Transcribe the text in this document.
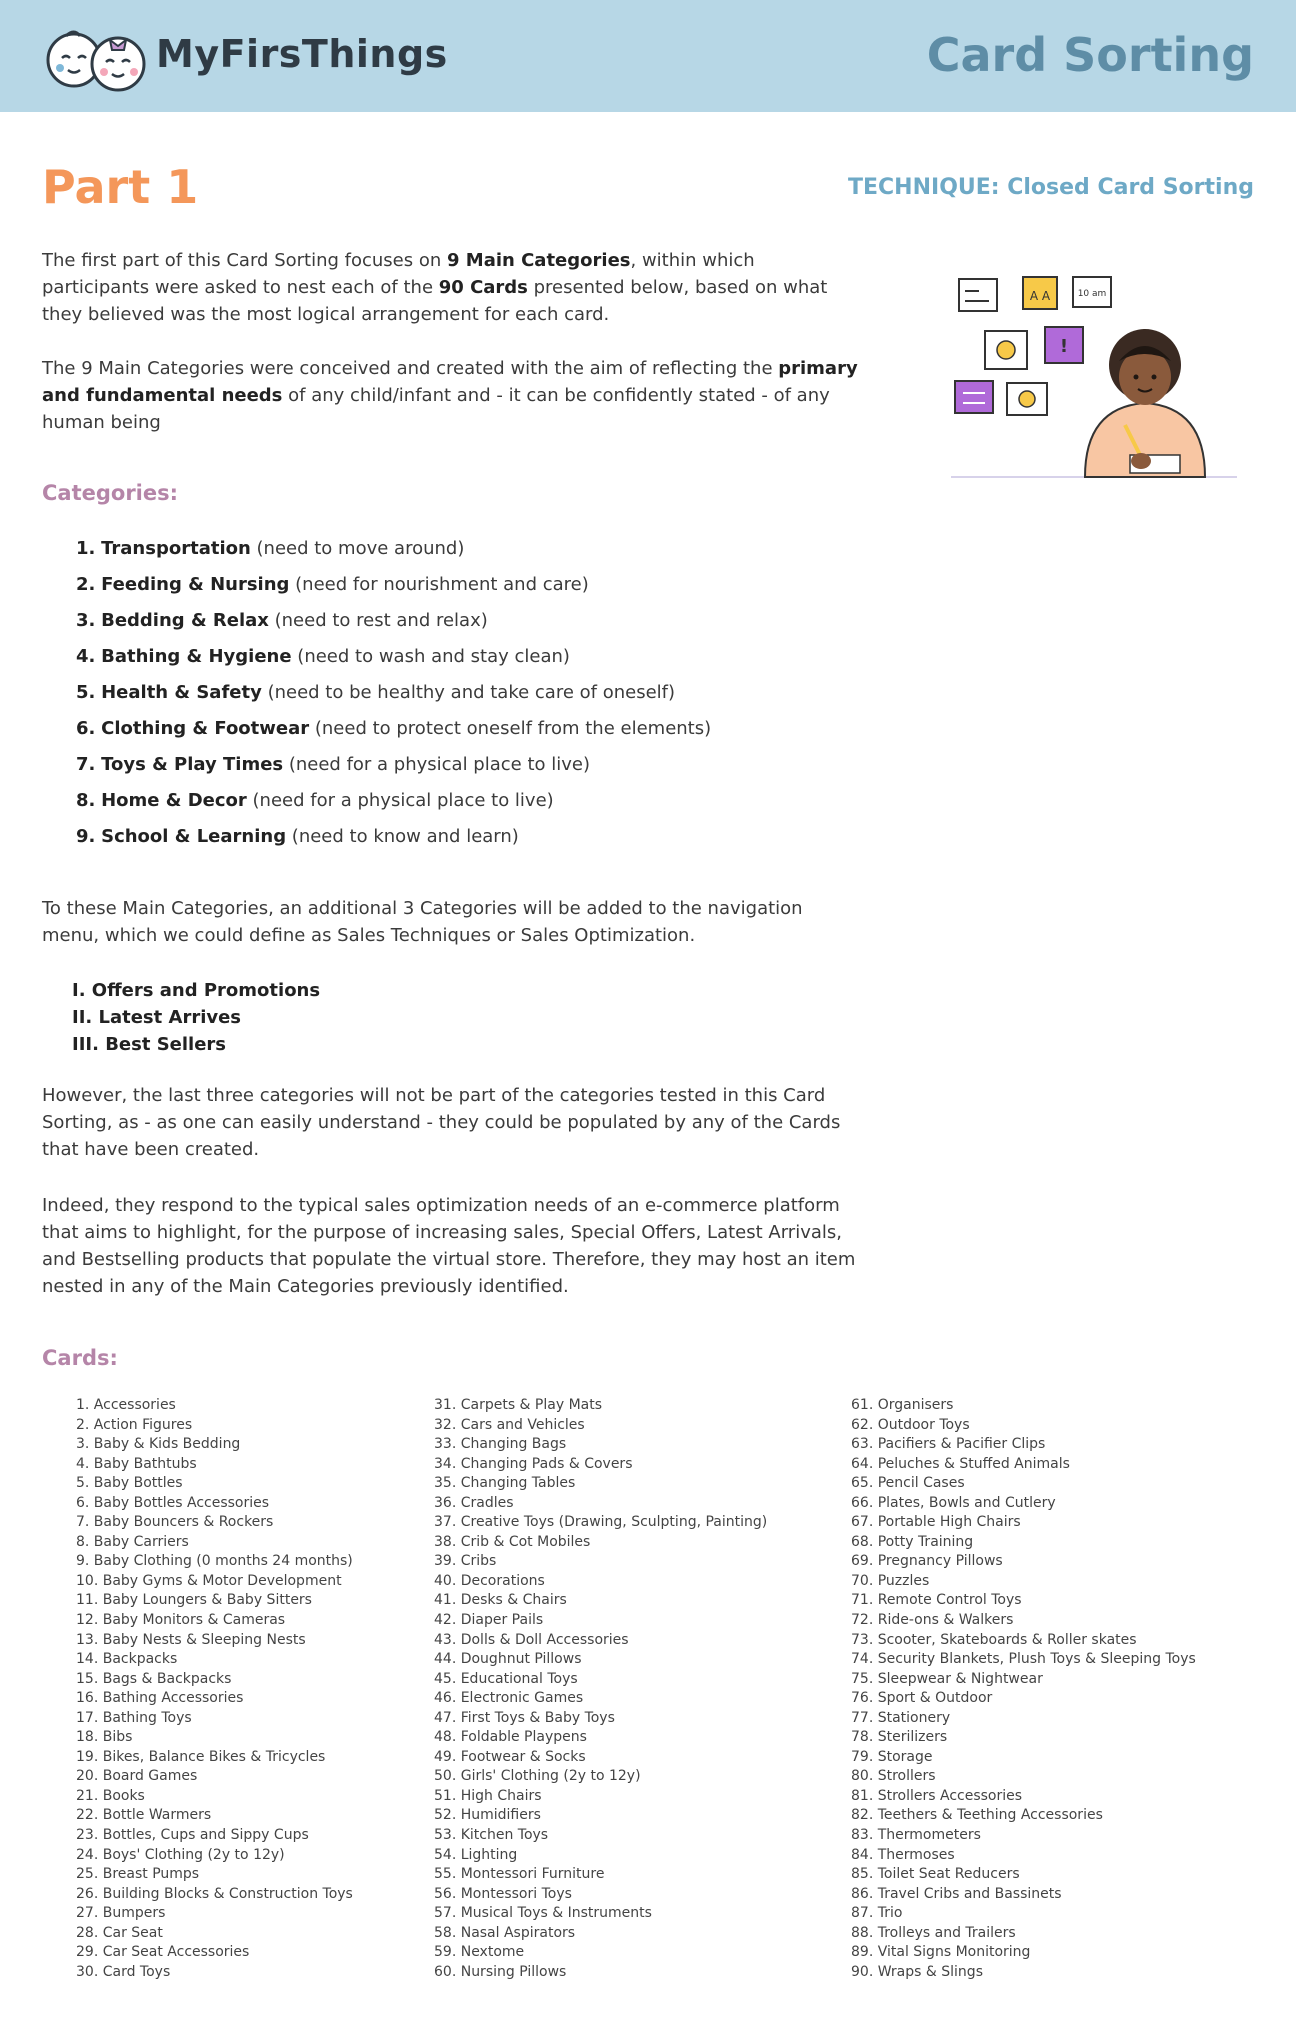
MyFirsThings	Card Sorting
Part 1	TECHNIQUE: Closed Card Sorting

The first part of this Card Sorting focuses on 9 Main Categories, within which participants were asked to nest each of the 90 Cards presented below, based on what they believed was the most logical arrangement for each card.

The 9 Main Categories were conceived and created with the aim of reflecting the primary and fundamental needs of any child/infant and - it can be confidently stated - of any human being

A A	10 am
!
Categories:
1. Transportation (need to move around)
2. Feeding & Nursing (need for nourishment and care)
3. Bedding & Relax (need to rest and relax)
4. Bathing & Hygiene (need to wash and stay clean)
5. Health & Safety (need to be healthy and take care of oneself)
6. Clothing & Footwear (need to protect oneself from the elements)
7. Toys & Play Times (need for a physical place to live)
8. Home & Decor (need for a physical place to live)
9. School & Learning (need to know and learn)

To these Main Categories, an additional 3 Categories will be added to the navigation menu, which we could define as Sales Techniques or Sales Optimization.

I. Offers and Promotions
II. Latest Arrives
III. Best Sellers

However, the last three categories will not be part of the categories tested in this Card Sorting, as - as one can easily understand - they could be populated by any of the Cards that have been created.

Indeed, they respond to the typical sales optimization needs of an e-commerce platform that aims to highlight, for the purpose of increasing sales, Special Offers, Latest Arrivals, and Bestselling products that populate the virtual store. Therefore, they may host an item nested in any of the Main Categories previously identified.

Cards:
1. Accessories
2. Action Figures
3. Baby & Kids Bedding
4. Baby Bathtubs
5. Baby Bottles
6. Baby Bottles Accessories
7. Baby Bouncers & Rockers
8. Baby Carriers
9. Baby Clothing (0 months 24 months)
10. Baby Gyms & Motor Development
11. Baby Loungers & Baby Sitters
12. Baby Monitors & Cameras
13. Baby Nests & Sleeping Nests
14. Backpacks
15. Bags & Backpacks
16. Bathing Accessories
17. Bathing Toys
18. Bibs
19. Bikes, Balance Bikes & Tricycles
20. Board Games
21. Books
22. Bottle Warmers
23. Bottles, Cups and Sippy Cups
24. Boys' Clothing (2y to 12y)
25. Breast Pumps
26. Building Blocks & Construction Toys
27. Bumpers
28. Car Seat
29. Car Seat Accessories
30. Card Toys
31. Carpets & Play Mats
32. Cars and Vehicles
33. Changing Bags
34. Changing Pads & Covers
35. Changing Tables
36. Cradles
37. Creative Toys (Drawing, Sculpting, Painting)
38. Crib & Cot Mobiles
39. Cribs
40. Decorations
41. Desks & Chairs
42. Diaper Pails
43. Dolls & Doll Accessories
44. Doughnut Pillows
45. Educational Toys
46. Electronic Games
47. First Toys & Baby Toys
48. Foldable Playpens
49. Footwear & Socks
50. Girls' Clothing (2y to 12y)
51. High Chairs
52. Humidifiers
53. Kitchen Toys
54. Lighting
55. Montessori Furniture
56. Montessori Toys
57. Musical Toys & Instruments
58. Nasal Aspirators
59. Nextome
60. Nursing Pillows
61. Organisers
62. Outdoor Toys
63. Pacifiers & Pacifier Clips
64. Peluches & Stuffed Animals
65. Pencil Cases
66. Plates, Bowls and Cutlery
67. Portable High Chairs
68. Potty Training
69. Pregnancy Pillows
70. Puzzles
71. Remote Control Toys
72. Ride-ons & Walkers
73. Scooter, Skateboards & Roller skates
74. Security Blankets, Plush Toys & Sleeping Toys
75. Sleepwear & Nightwear
76. Sport & Outdoor
77. Stationery
78. Sterilizers
79. Storage
80. Strollers
81. Strollers Accessories
82. Teethers & Teething Accessories
83. Thermometers
84. Thermoses
85. Toilet Seat Reducers
86. Travel Cribs and Bassinets
87. Trio
88. Trolleys and Trailers
89. Vital Signs Monitoring
90. Wraps & Slings
